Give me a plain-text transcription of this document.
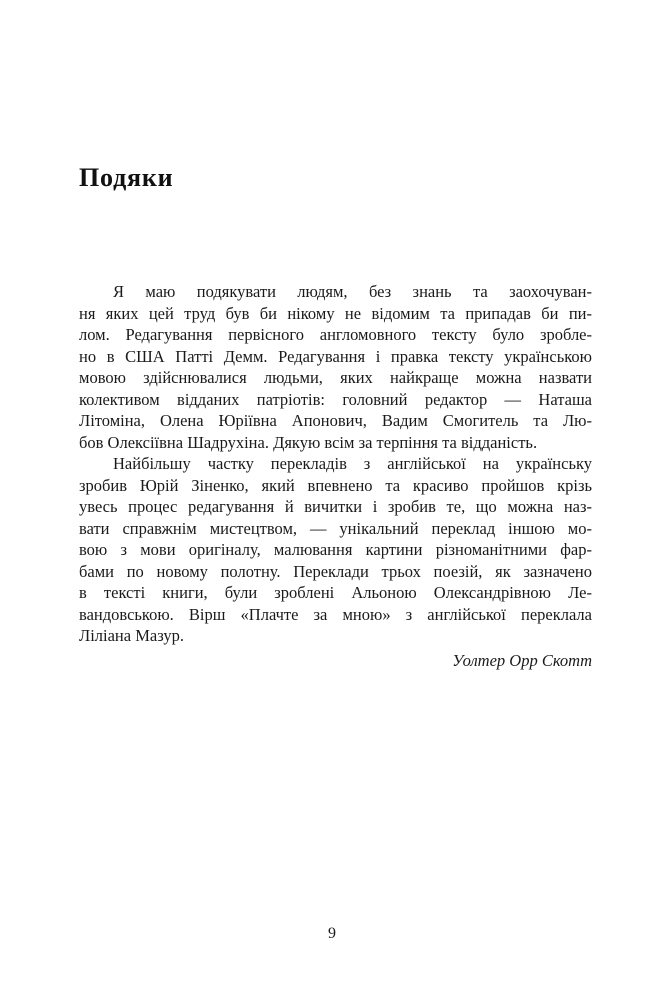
Подяки
Я маю подякувати людям, без знань та заохочуван-
ня яких цей труд був би нікому не відомим та припадав би пи-
лом. Редагування первісного англомовного тексту було зробле-
но в США Патті Демм. Редагування і правка тексту українською
мовою здійснювалися людьми, яких найкраще можна назвати
колективом відданих патріотів: головний редактор — Наташа
Літоміна, Олена Юріївна Апонович, Вадим Смогитель та Лю-
бов Олексіївна Шадрухіна. Дякую всім за терпіння та відданість.
Найбільшу частку перекладів з англійської на українську
зробив Юрій Зіненко, який впевнено та красиво пройшов крізь
увесь процес редагування й вичитки і зробив те, що можна наз-
вати справжнім мистецтвом, — унікальний переклад іншою мо-
вою з мови оригіналу, малювання картини різноманітними фар-
бами по новому полотну. Переклади трьох поезій, як зазначено
в тексті книги, були зроблені Альоною Олександрівною Ле-
вандовською. Вірш «Плачте за мною» з англійської переклала
Ліліана Мазур.
Уолтер Орр Скотт
9
